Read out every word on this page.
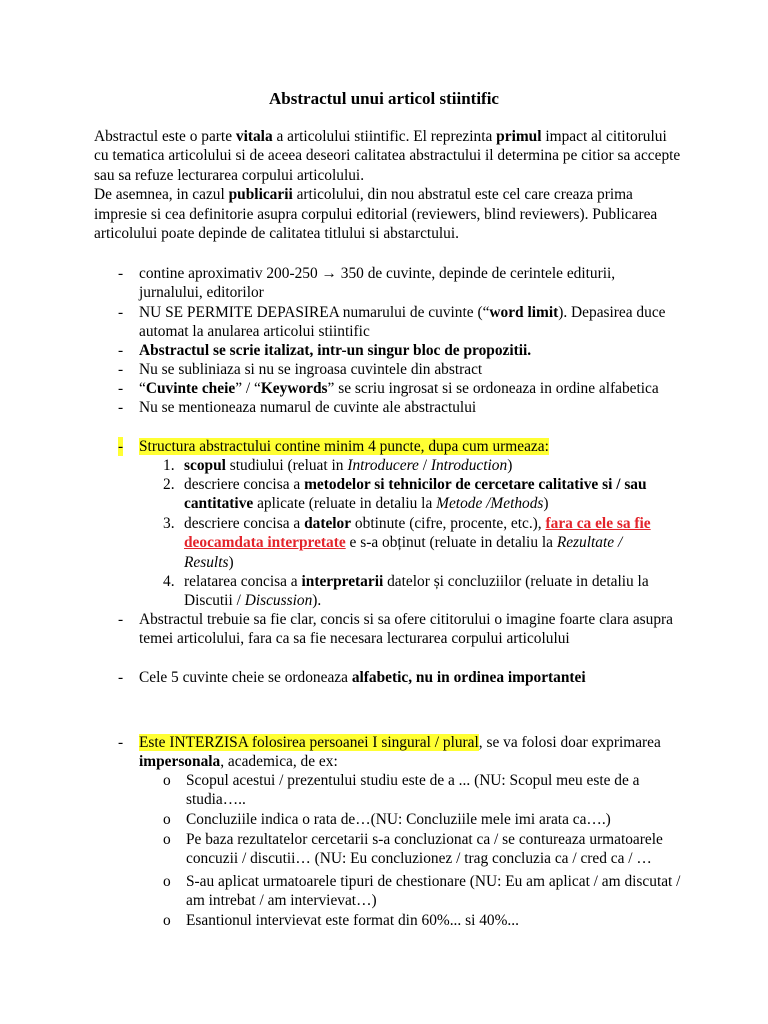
Abstractul unui articol stiintific

Abstractul este o parte vitala a articolului stiintific. El reprezinta primul impact al cititorului cu tematica articolului si de aceea deseori calitatea abstractului il determina pe citior sa accepte sau sa refuze lecturarea corpului articolului.

De asemnea, in cazul publicarii articolului, din nou abstratul este cel care creaza prima impresie si cea definitorie asupra corpului editorial (reviewers, blind reviewers). Publicarea articolului poate depinde de calitatea titlului si abstarctului.

- contine aproximativ 200-250 → 350 de cuvinte, depinde de cerintele editurii, jurnalului, editorilor
- NU SE PERMITE DEPASIREA numarului de cuvinte (“word limit). Depasirea duce automat la anularea articolui stiintific
- Abstractul se scrie italizat, intr-un singur bloc de propozitii.
- Nu se subliniaza si nu se ingroasa cuvintele din abstract
- “Cuvinte cheie” / “Keywords” se scriu ingrosat si se ordoneaza in ordine alfabetica
- Nu se mentioneaza numarul de cuvinte ale abstractului
- Structura abstractului contine minim 4 puncte, dupa cum urmeaza:
1. scopul studiului (reluat in Introducere / Introduction)
2. descriere concisa a metodelor si tehnicilor de cercetare calitative si / sau cantitative aplicate (reluate in detaliu la Metode /Methods)
3. descriere concisa a datelor obtinute (cifre, procente, etc.), fara ca ele sa fie deocamdata interpretate e s-a obținut (reluate in detaliu la Rezultate / Results)
4. relatarea concisa a interpretarii datelor și concluziilor (reluate in detaliu la Discutii / Discussion).
- Abstractul trebuie sa fie clar, concis si sa ofere cititorului o imagine foarte clara asupra temei articolului, fara ca sa fie necesara lecturarea corpului articolului
- Cele 5 cuvinte cheie se ordoneaza alfabetic, nu in ordinea importantei
- Este INTERZISA folosirea persoanei I singural / plural, se va folosi doar exprimarea impersonala, academica, de ex:
o Scopul acestui / prezentului studiu este de a ... (NU: Scopul meu este de a studia…..
o Concluziile indica o rata de…(NU: Concluziile mele imi arata ca….)
o Pe baza rezultatelor cercetarii s-a concluzionat ca / se contureaza urmatoarele concuzii / discutii… (NU: Eu concluzionez / trag concluzia ca / cred ca / …
o S-au aplicat urmatoarele tipuri de chestionare (NU: Eu am aplicat / am discutat / am intrebat / am intervievat…)
o Esantionul intervievat este format din 60%... si 40%...
